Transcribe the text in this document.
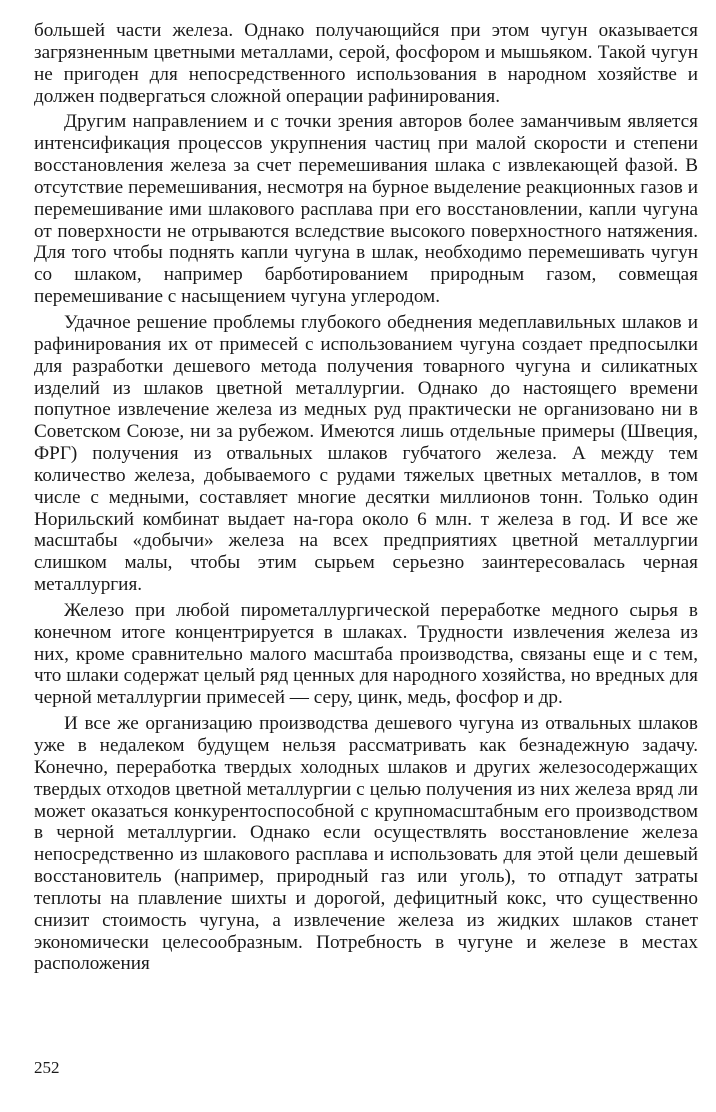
большей части железа. Однако получающийся при этом чугун оказывается загрязненным цветными металлами, серой, фосфором и мышьяком. Такой чугун не пригоден для непосредственного использования в народном хозяйстве и должен подвергаться сложной операции рафинирования.

Другим направлением и с точки зрения авторов более заманчивым является интенсификация процессов укрупнения частиц при малой скорости и степени восстановления железа за счет перемешивания шлака с извлекающей фазой. В отсутствие перемешивания, несмотря на бурное выделение реакционных газов и перемешивание ими шлакового расплава при его восстановлении, капли чугуна от поверхности не отрываются вследствие высокого поверхностного натяжения. Для того чтобы поднять капли чугуна в шлак, необходимо перемешивать чугун со шлаком, например барботированием природным газом, совмещая перемешивание с насыщением чугуна углеродом.

Удачное решение проблемы глубокого обеднения медеплавильных шлаков и рафинирования их от примесей с использованием чугуна создает предпосылки для разработки дешевого метода получения товарного чугуна и силикатных изделий из шлаков цветной металлургии. Однако до настоящего времени попутное извлечение железа из медных руд практически не организовано ни в Советском Союзе, ни за рубежом. Имеются лишь отдельные примеры (Швеция, ФРГ) получения из отвальных шлаков губчатого железа. А между тем количество железа, добываемого с рудами тяжелых цветных металлов, в том числе с медными, составляет многие десятки миллионов тонн. Только один Норильский комбинат выдает на-гора около 6 млн. т железа в год. И все же масштабы «добычи» железа на всех предприятиях цветной металлургии слишком малы, чтобы этим сырьем серьезно заинтересовалась черная металлургия.

Железо при любой пирометаллургической переработке медного сырья в конечном итоге концентрируется в шлаках. Трудности извлечения железа из них, кроме сравнительно малого масштаба производства, связаны еще и с тем, что шлаки содержат целый ряд ценных для народного хозяйства, но вредных для черной металлургии примесей — серу, цинк, медь, фосфор и др.

И все же организацию производства дешевого чугуна из отвальных шлаков уже в недалеком будущем нельзя рассматривать как безнадежную задачу. Конечно, переработка твердых холодных шлаков и других железосодержащих твердых отходов цветной металлургии с целью получения из них железа вряд ли может оказаться конкурентоспособной с крупномасштабным его производством в черной металлургии. Однако если осуществлять восстановление железа непосредственно из шлакового расплава и использовать для этой цели дешевый восстановитель (например, природный газ или уголь), то отпадут затраты теплоты на плавление шихты и дорогой, дефицитный кокс, что существенно снизит стоимость чугуна, а извлечение железа из жидких шлаков станет экономически целесообразным. Потребность в чугуне и железе в местах расположения

252
